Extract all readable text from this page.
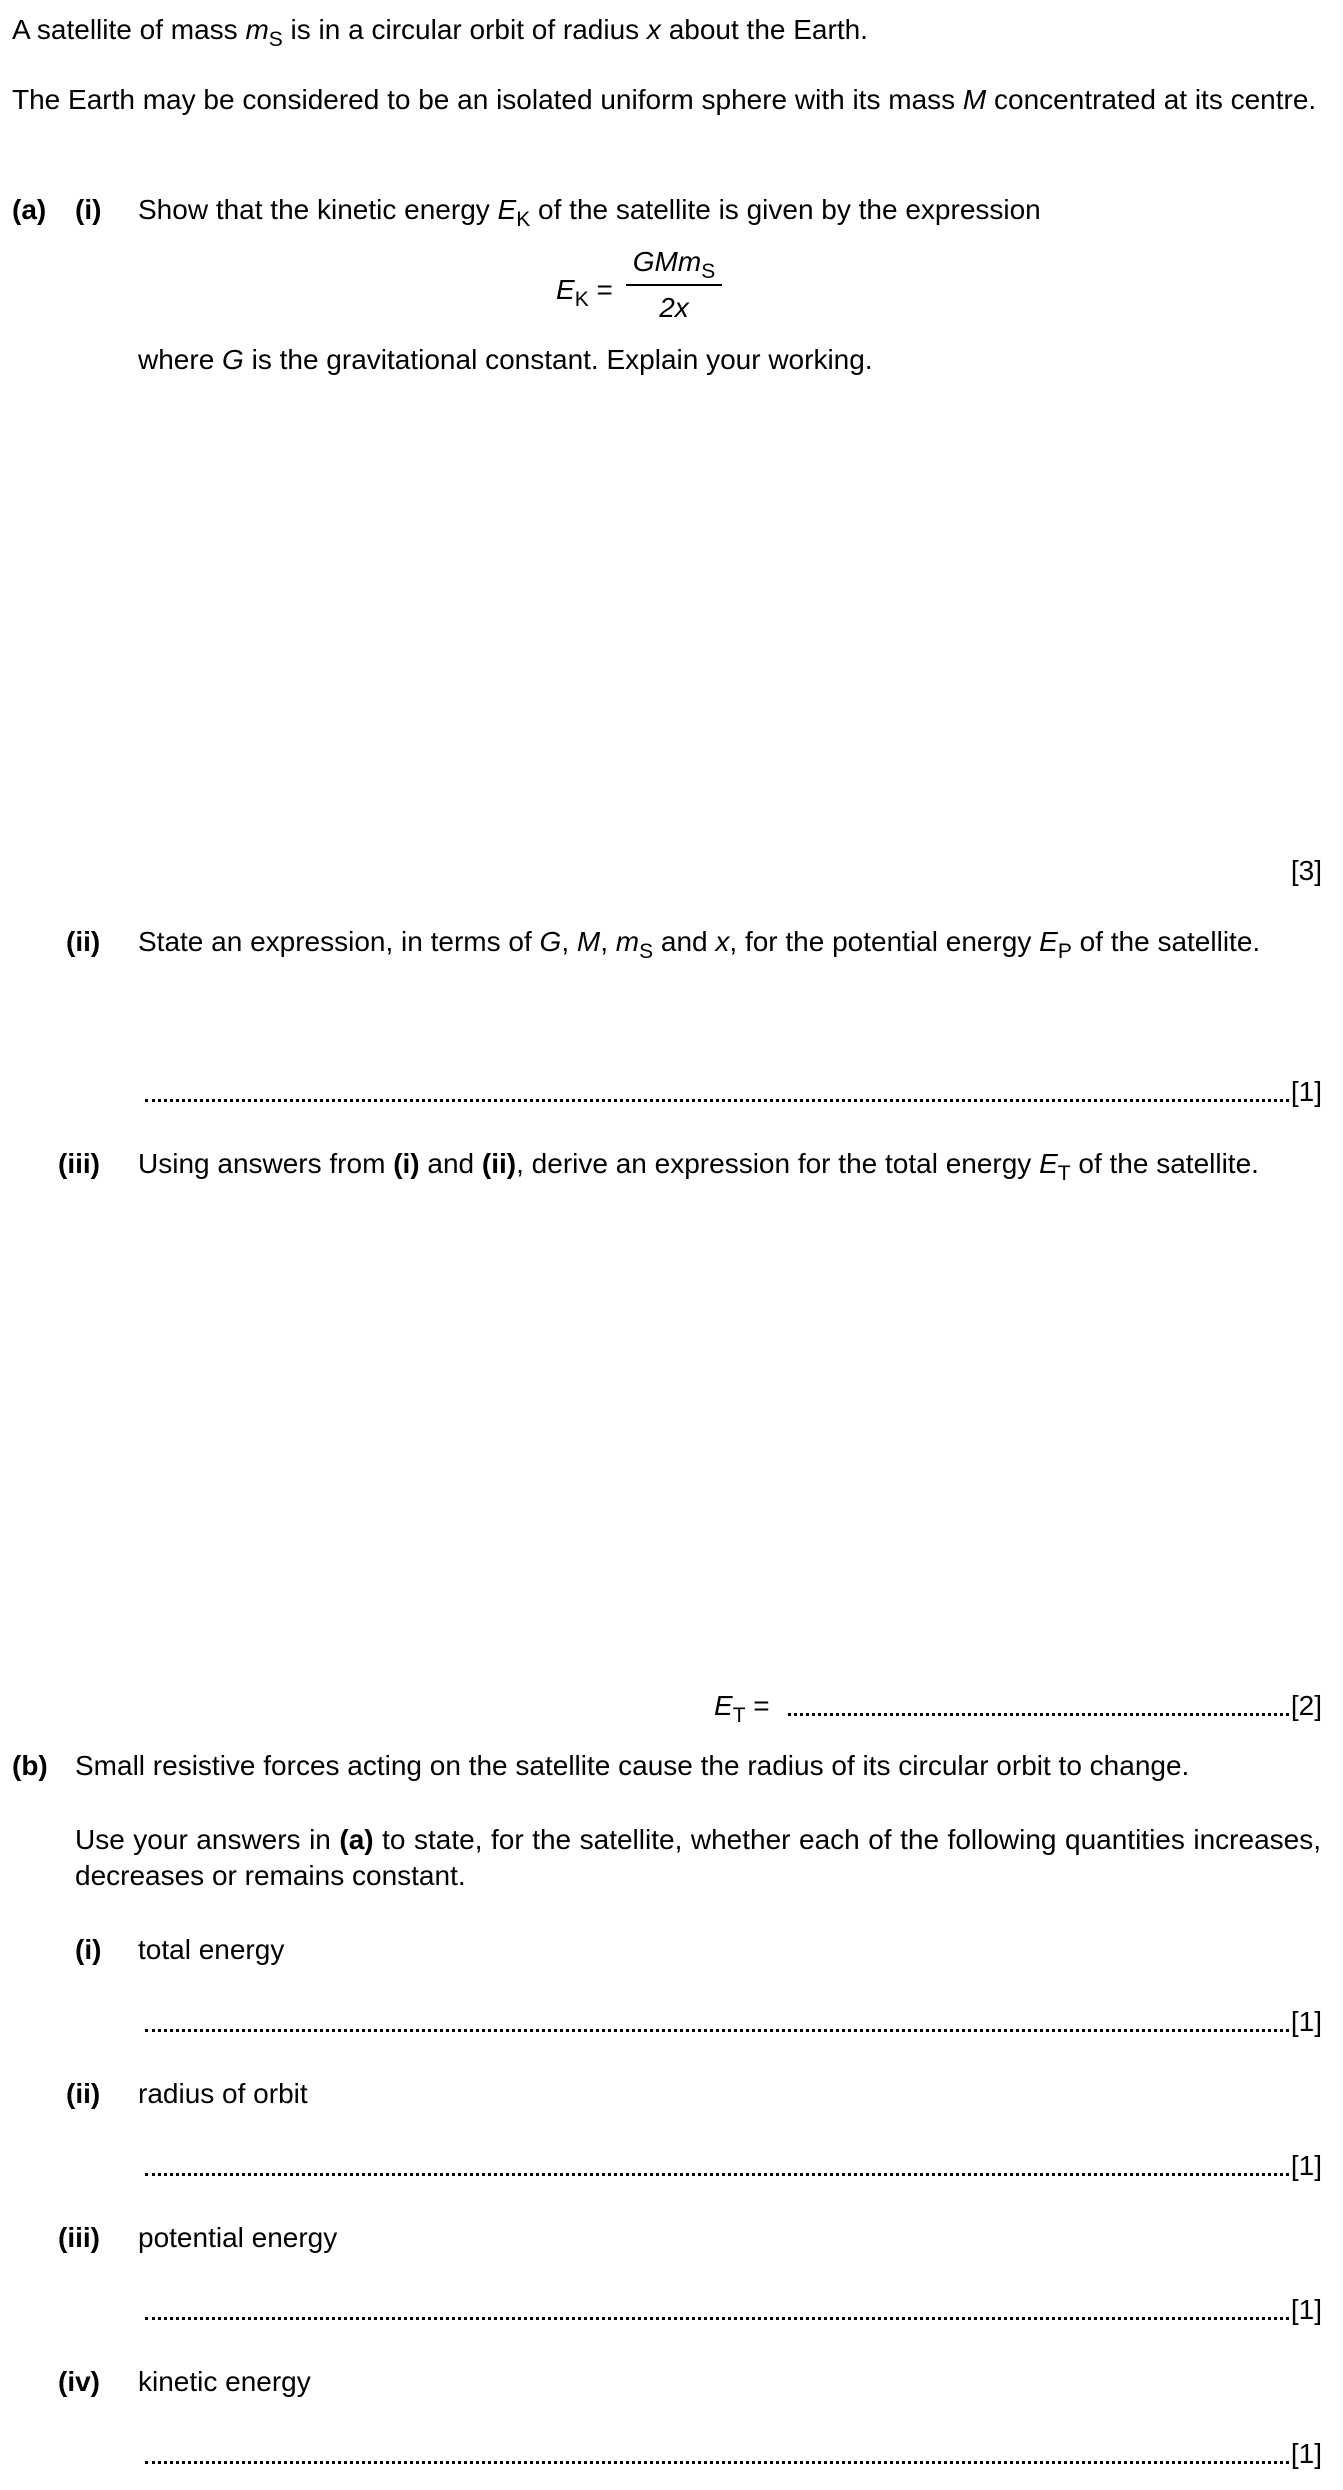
A satellite of mass $m_S$ is in a circular orbit of radius x about the Earth.
The Earth may be considered to be an isolated uniform sphere with its mass M concentrated at its centre.
(a) (i) Show that the kinetic energy $E_K$ of the satellite is given by the expression
$E_K$ =
GMm$_S$
2x
where G is the gravitational constant. Explain your working.
[3]
(ii) State an expression, in terms of G, M, $m_S$ and x, for the potential energy $E_P$ of the satellite.
[1]
(iii) Using answers from (i) and (ii), derive an expression for the total energy $E_T$ of the satellite.
$E_T$ =	[2]
(b) Small resistive forces acting on the satellite cause the radius of its circular orbit to change.
Use your answers in (a) to state, for the satellite, whether each of the following quantities increases, decreases or remains constant.
(i) total energy
[1]
(ii) radius of orbit
[1]
(iii) potential energy
[1]
(iv) kinetic energy
[1]
